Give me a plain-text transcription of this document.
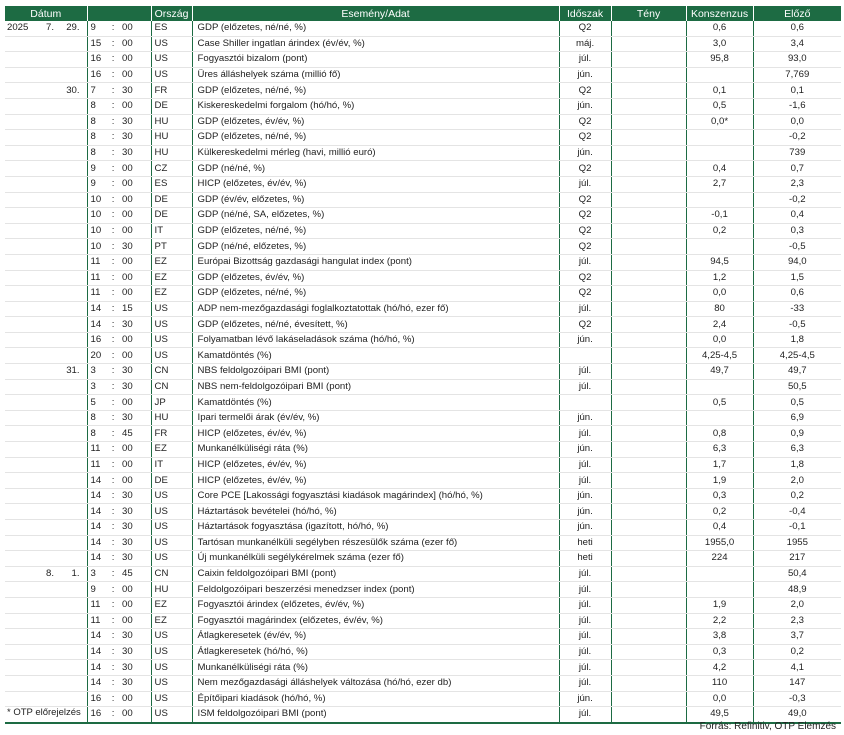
Dátum						Ország	Esemény/Adat	Időszak	Tény	Konszenzus	Előző
2025	7.	29.	9	:	00	ES	GDP (előzetes, né/né, %)	Q2		0,6	0,6
			15	:	00	US	Case Shiller ingatlan árindex (év/év, %)	máj.		3,0	3,4
			16	:	00	US	Fogyasztói bizalom (pont)	júl.		95,8	93,0
			16	:	00	US	Üres álláshelyek száma (millió fő)	jún.			7,769
		30.	7	:	30	FR	GDP (előzetes, né/né, %)	Q2		0,1	0,1
			8	:	00	DE	Kiskereskedelmi forgalom (hó/hó, %)	jún.		0,5	-1,6
			8	:	30	HU	GDP (előzetes, év/év, %)	Q2		0,0*	0,0
			8	:	30	HU	GDP (előzetes, né/né, %)	Q2			-0,2
			8	:	30	HU	Külkereskedelmi mérleg (havi, millió euró)	jún.			739
			9	:	00	CZ	GDP (né/né, %)	Q2		0,4	0,7
			9	:	00	ES	HICP (előzetes, év/év, %)	júl.		2,7	2,3
			10	:	00	DE	GDP (év/év, előzetes, %)	Q2			-0,2
			10	:	00	DE	GDP (né/né, SA, előzetes, %)	Q2		-0,1	0,4
			10	:	00	IT	GDP (előzetes, né/né, %)	Q2		0,2	0,3
			10	:	30	PT	GDP (né/né, előzetes, %)	Q2			-0,5
			11	:	00	EZ	Európai Bizottság gazdasági hangulat index (pont)	júl.		94,5	94,0
			11	:	00	EZ	GDP (előzetes, év/év, %)	Q2		1,2	1,5
			11	:	00	EZ	GDP (előzetes, né/né, %)	Q2		0,0	0,6
			14	:	15	US	ADP nem-mezőgazdasági foglalkoztatottak (hó/hó, ezer fő)	júl.		80	-33
			14	:	30	US	GDP (előzetes, né/né, évesített, %)	Q2		2,4	-0,5
			16	:	00	US	Folyamatban lévő lakáseladások száma (hó/hó, %)	jún.		0,0	1,8
			20	:	00	US	Kamatdöntés (%)			4,25-4,5	4,25-4,5
		31.	3	:	30	CN	NBS feldolgozóipari BMI (pont)	júl.		49,7	49,7
			3	:	30	CN	NBS nem-feldolgozóipari BMI (pont)	júl.			50,5
			5	:	00	JP	Kamatdöntés (%)			0,5	0,5
			8	:	30	HU	Ipari termelői árak (év/év, %)	jún.			6,9
			8	:	45	FR	HICP (előzetes, év/év, %)	júl.		0,8	0,9
			11	:	00	EZ	Munkanélküliségi ráta (%)	jún.		6,3	6,3
			11	:	00	IT	HICP (előzetes, év/év, %)	júl.		1,7	1,8
			14	:	00	DE	HICP (előzetes, év/év, %)	júl.		1,9	2,0
			14	:	30	US	Core PCE [Lakossági fogyasztási kiadások magárindex] (hó/hó, %)	jún.		0,3	0,2
			14	:	30	US	Háztartások bevételei (hó/hó, %)	jún.		0,2	-0,4
			14	:	30	US	Háztartások fogyasztása (igazított, hó/hó, %)	jún.		0,4	-0,1
			14	:	30	US	Tartósan munkanélküli segélyben részesülők száma (ezer fő)	heti		1955,0	1955
			14	:	30	US	Új munkanélküli segélykérelmek száma (ezer fő)	heti		224	217
	8.	1.	3	:	45	CN	Caixin feldolgozóipari BMI (pont)	júl.			50,4
			9	:	00	HU	Feldolgozóipari beszerzési menedzser index (pont)	júl.			48,9
			11	:	00	EZ	Fogyasztói árindex (előzetes, év/év, %)	júl.		1,9	2,0
			11	:	00	EZ	Fogyasztói magárindex (előzetes, év/év, %)	júl.		2,2	2,3
			14	:	30	US	Átlagkeresetek (év/év, %)	júl.		3,8	3,7
			14	:	30	US	Átlagkeresetek (hó/hó, %)	júl.		0,3	0,2
			14	:	30	US	Munkanélküliségi ráta (%)	júl.		4,2	4,1
			14	:	30	US	Nem mezőgazdasági álláshelyek változása (hó/hó, ezer db)	júl.		110	147
			16	:	00	US	Építőipari kiadások (hó/hó, %)	jún.		0,0	-0,3
			16	:	00	US	ISM feldolgozóipari BMI (pont)	júl.		49,5	49,0
* OTP előrejelzés
Forrás: Refinitiv, OTP Elemzés
